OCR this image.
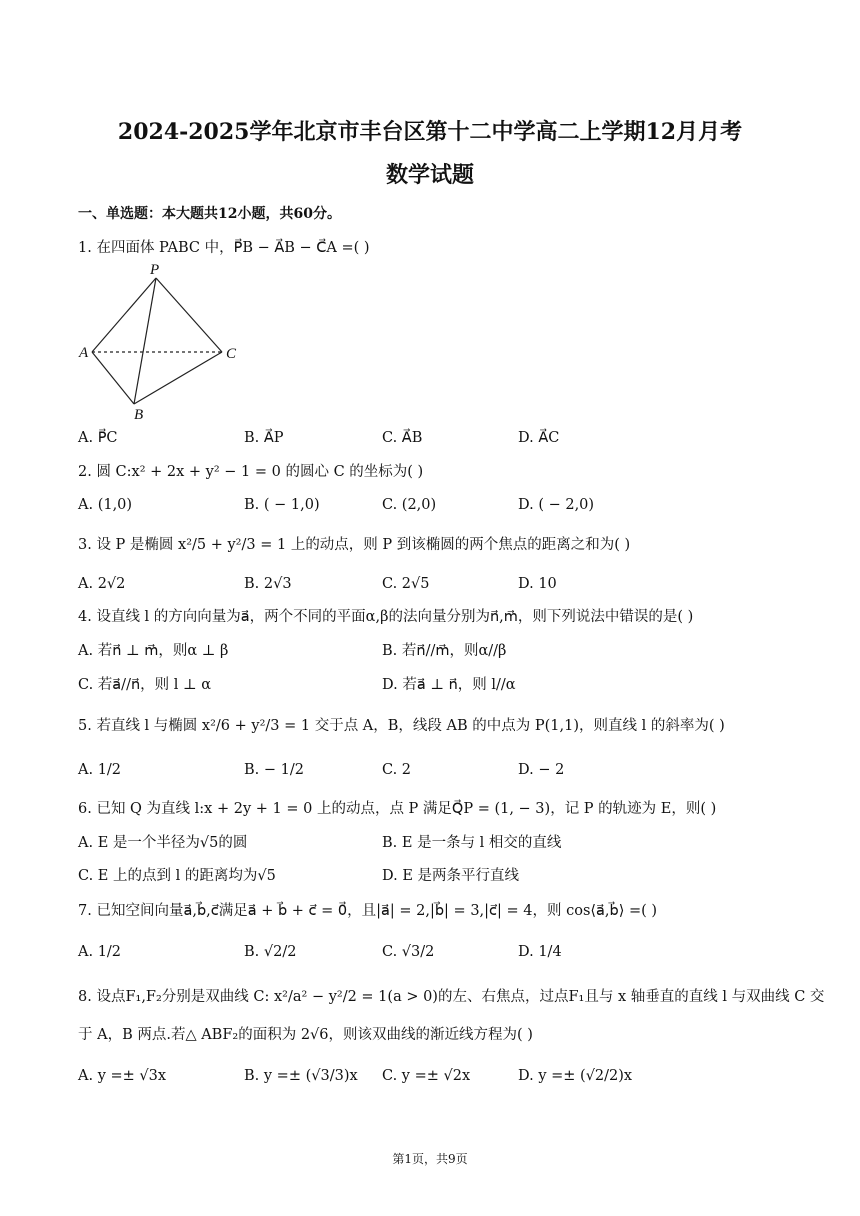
2024-2025学年北京市丰台区第十二中学高二上学期12月月考
数学试题
一、单选题：本大题共12小题，共60分。
1. 在四面体 PABC 中，P⃗B − A⃗B − C⃗A =( )
P
A	C
B
A. P⃗C	B. A⃗P	C. A⃗B	D. A⃗C
2. 圆 C:x² + 2x + y² − 1 = 0 的圆心 C 的坐标为( )
A. (1,0)	B. ( − 1,0)	C. (2,0)	D. ( − 2,0)
3. 设 P 是椭圆 x²/5 + y²/3 = 1 上的动点，则 P 到该椭圆的两个焦点的距离之和为( )
A. 2√2	B. 2√3	C. 2√5	D. 10
4. 设直线 l 的方向向量为a⃗，两个不同的平面α,β的法向量分别为n⃗,m⃗，则下列说法中错误的是( )
A. 若n⃗ ⊥ m⃗，则α ⊥ β	B. 若n⃗//m⃗，则α//β
C. 若a⃗//n⃗，则 l ⊥ α	D. 若a⃗ ⊥ n⃗，则 l//α
5. 若直线 l 与椭圆 x²/6 + y²/3 = 1 交于点 A，B，线段 AB 的中点为 P(1,1)，则直线 l 的斜率为( )
A. 1/2	B. − 1/2	C. 2	D. − 2
6. 已知 Q 为直线 l:x + 2y + 1 = 0 上的动点，点 P 满足Q⃗P = (1, − 3)，记 P 的轨迹为 E，则( )
A. E 是一个半径为√5的圆	B. E 是一条与 l 相交的直线
C. E 上的点到 l 的距离均为√5	D. E 是两条平行直线
7. 已知空间向量a⃗,b⃗,c⃗满足a⃗ + b⃗ + c⃗ = 0⃗，且|a⃗| = 2,|b⃗| = 3,|c⃗| = 4，则 cos⟨a⃗,b⃗⟩ =( )
A. 1/2	B. √2/2	C. √3/2	D. 1/4
8. 设点F₁,F₂分别是双曲线 C: x²/a² − y²/2 = 1(a > 0)的左、右焦点，过点F₁且与 x 轴垂直的直线 l 与双曲线 C 交
于 A，B 两点.若△ ABF₂的面积为 2√6，则该双曲线的渐近线方程为( )
A. y =± √3x	B. y =± (√3/3)x C. y =± √2x	D. y =± (√2/2)x
第1页，共9页
